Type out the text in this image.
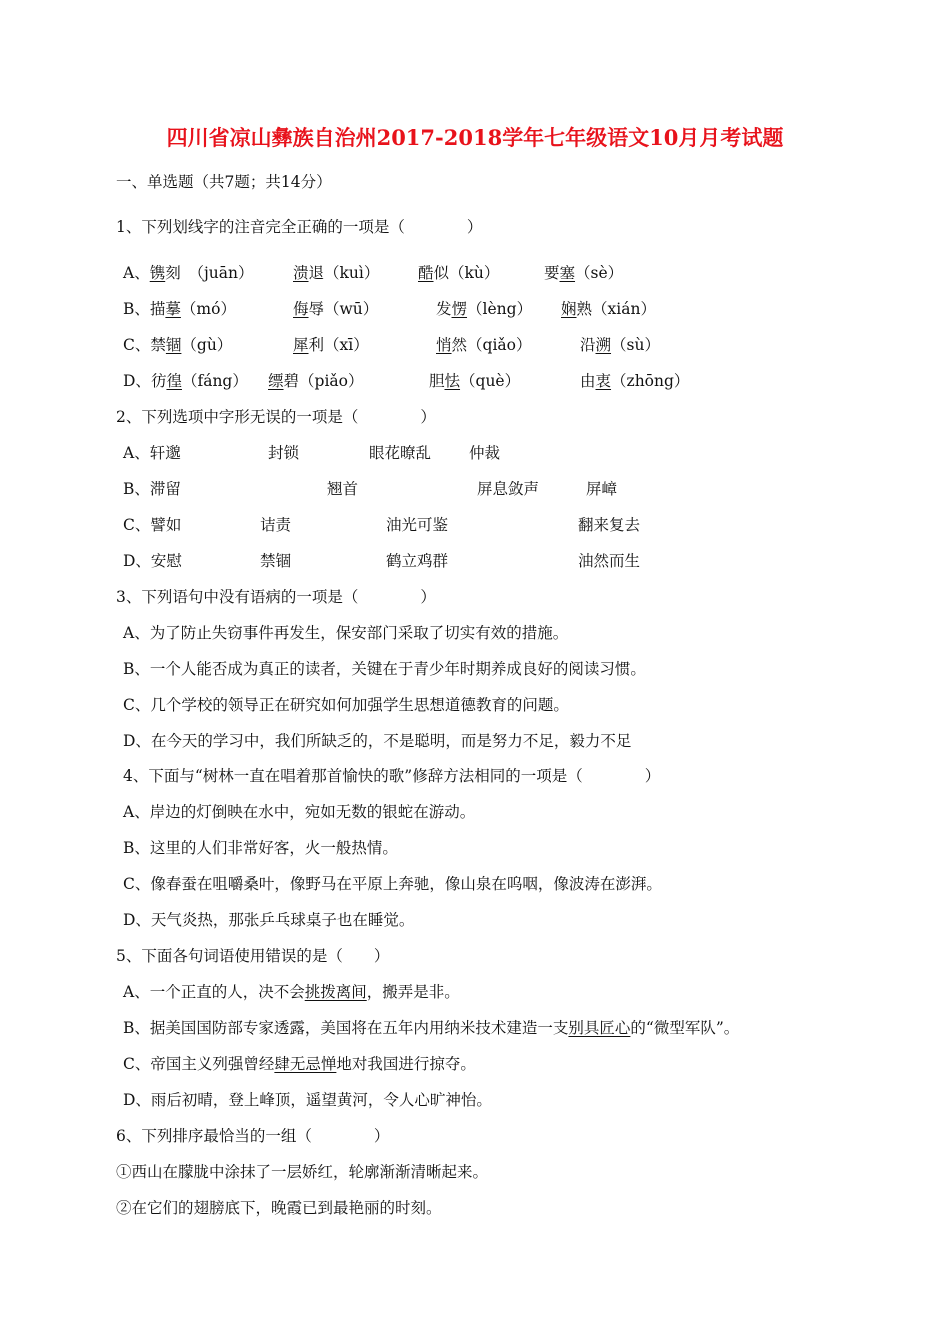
四川省凉山彝族自治州2017-2018学年七年级语文10月月考试题
一、单选题（共7题；共14分）
1、下列划线字的注音完全正确的一项是（　　　　）
A、镌刻　（juān）	溃退（kuì） 酷似（kù）	要塞（sè）
B、描摹（mó）	侮辱（wū）	发愣（lèng） 娴熟（xián）
C、禁锢（gù）	犀利（xī）	悄然（qiǎo）	沿溯（sù）
D、彷徨（fáng） 缥碧（piǎo）	胆怯（què）	由衷（zhōng）
2、下列选项中字形无误的一项是（　　　　）
A、轩邈	封锁	眼花暸乱 仲裁
B、滞留	翘首	屏息敛声	屏嶂
C、譬如	诘责	油光可鉴	翻来复去
D、安慰	禁锢	鹤立鸡群	油然而生
3、下列语句中没有语病的一项是（　　　　）
A、为了防止失窃事件再发生，保安部门采取了切实有效的措施。
B、一个人能否成为真正的读者，关键在于青少年时期养成良好的阅读习惯。
C、几个学校的领导正在研究如何加强学生思想道德教育的问题。
D、在今天的学习中，我们所缺乏的，不是聪明，而是努力不足，毅力不足
4、下面与“树林一直在唱着那首愉快的歌”修辞方法相同的一项是（　　　　）
A、岸边的灯倒映在水中，宛如无数的银蛇在游动。
B、这里的人们非常好客，火一般热情。
C、像春蚕在咀嚼桑叶，像野马在平原上奔驰，像山泉在呜咽，像波涛在澎湃。
D、天气炎热，那张乒乓球桌子也在睡觉。
5、下面各句词语使用错误的是（　　）
A、一个正直的人，决不会挑拨离间，搬弄是非。
B、据美国国防部专家透露，美国将在五年内用纳米技术建造一支别具匠心的“微型军队”。
C、帝国主义列强曾经肆无忌惮地对我国进行掠夺。
D、雨后初晴，登上峰顶，遥望黄河，令人心旷神怡。
6、下列排序最恰当的一组（　　　　）
①西山在朦胧中涂抹了一层娇红，轮廓渐渐清晰起来。
②在它们的翅膀底下，晚霞已到最艳丽的时刻。
